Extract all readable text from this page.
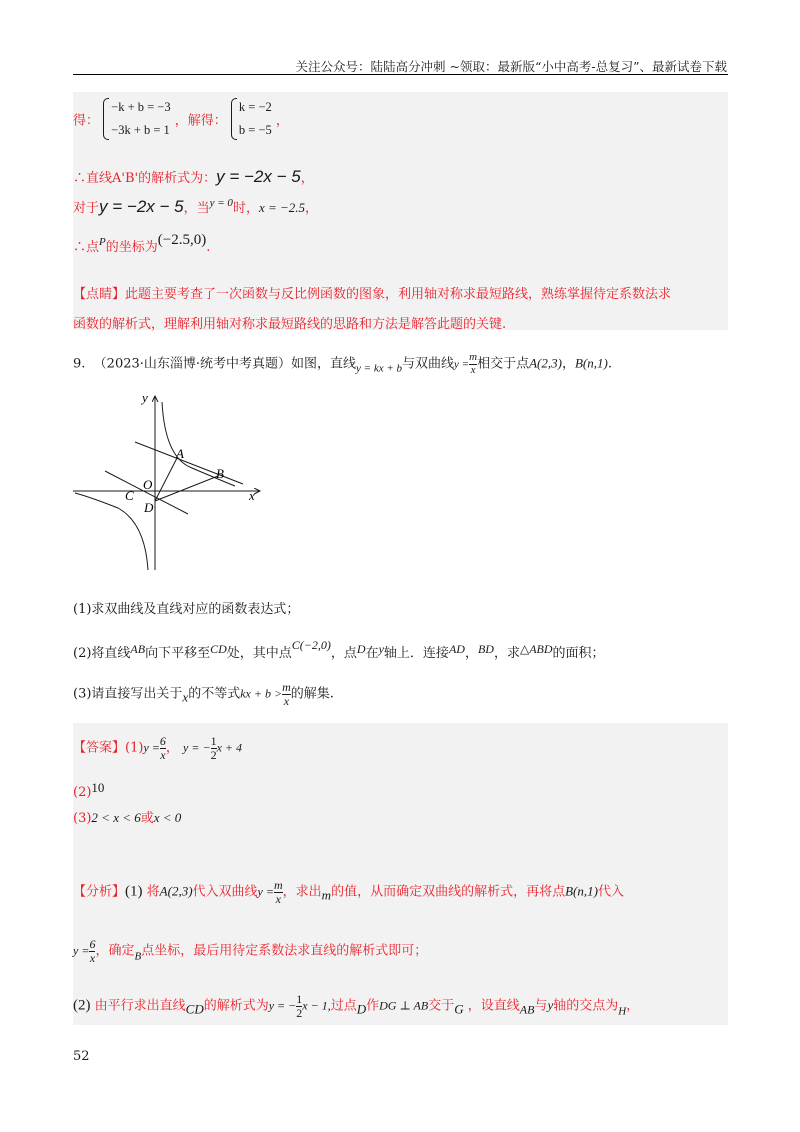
关注公众号：陆陆高分冲刺 ~领取：最新版“小中高考-总复习”、最新试卷下载
得：
−k + b = −3
−3k + b = 1
，解得：
k = −2
b = −5
，
∴直线A'B'的解析式为：y = −2x − 5，
对于y = −2x − 5，当$^{y = 0}$时，x = −2.5，
∴点$^P$的坐标为(−2.5,0).
【点睛】此题主要考查了一次函数与反比例函数的图象，利用轴对称求最短路线，熟练掌握待定系数法求
函数的解析式，理解利用轴对称求最短路线的思路和方法是解答此题的关键.
9. （2023·山东淄博·统考中考真题）如图，直线$_{y = kx + b}$与双曲线$y = \frac{m}{x}$ 相交于点A(2,3)，B(n,1).
y
x
O
A
B
C
D
(1)求双曲线及直线对应的函数表达式；
(2)将直线AB向下平移至CD处，其中点C(−2,0)，点D在y轴上．连接AD，BD，求△ABD的面积；
(3)请直接写出关于x的不等式kx + $b > \frac{m}{x}$ 的解集.
【答案】$(1)y = \frac{6}{x}$ ， y = − $\frac{1}{2}$ x + 4
(2)10
(3)2 < x < 6或x < 0
【分析】(1) 将A(2,3)代入双曲线$y = \frac{m}{x}$ ，求出m的值，从而确定双曲线的解析式，再将点B(n,1)代入
$y = \frac{6}{x}$ ，确定$_B$点坐标，最后用待定系数法求直线的解析式即可；
(2) 由平行求出直线CD的解析式为y = − $\frac{1}{2}$ x − 1,过点D作DG ⊥ AB交于G ，设直线AB与y轴的交点为$_H$，
52
